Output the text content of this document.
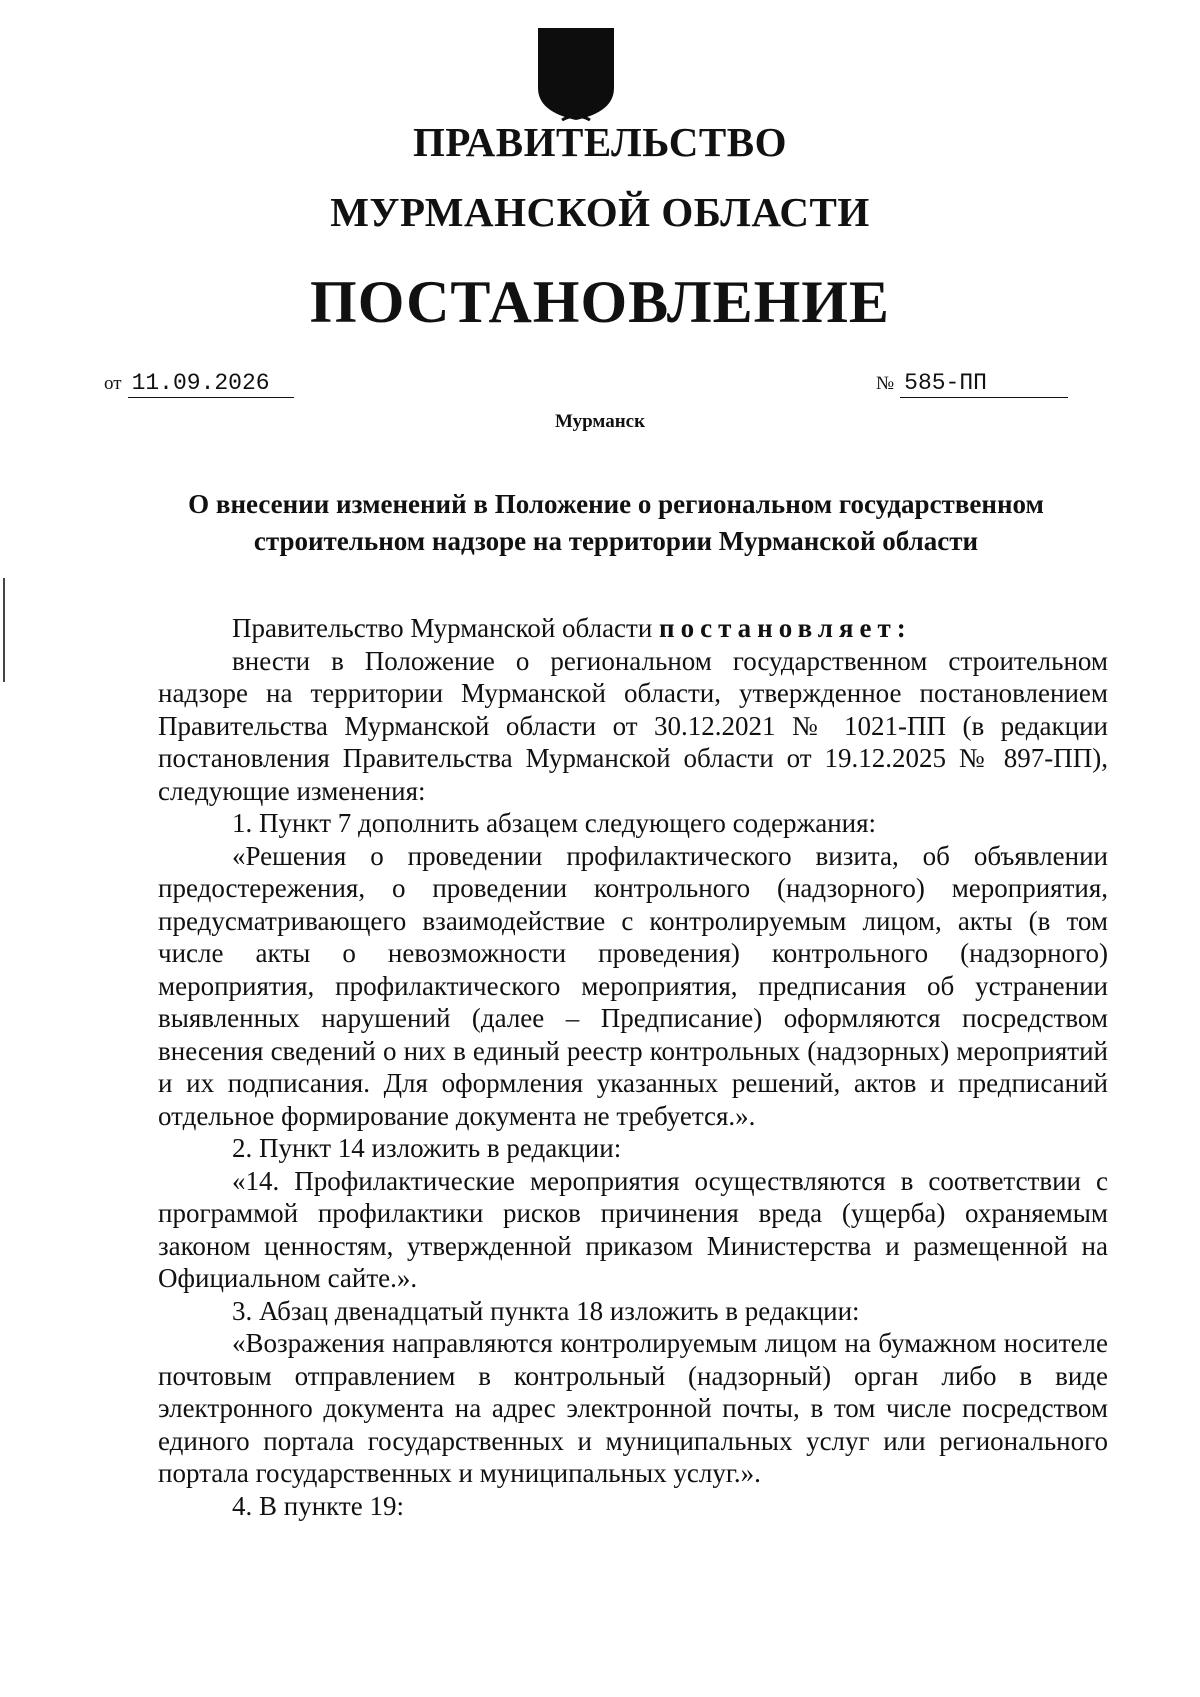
ПРАВИТЕЛЬСТВО
МУРМАНСКОЙ ОБЛАСТИ
ПОСТАНОВЛЕНИЕ
от 11.09.2026	№ 585-ПП
Мурманск
О внесении изменений в Положение о региональном государственном строительном надзоре на территории Мурманской области

Правительство Мурманской области постановляет:

внести в Положение о региональном государственном строительном надзоре на территории Мурманской области, утвержденное постановлением Правительства Мурманской области от 30.12.2021 № 1021-ПП (в редакции постановления Правительства Мурманской области от 19.12.2025 № 897-ПП), следующие изменения:

1. Пункт 7 дополнить абзацем следующего содержания:

«Решения о проведении профилактического визита, об объявлении предостережения, о проведении контрольного (надзорного) мероприятия, предусматривающего взаимодействие с контролируемым лицом, акты (в том числе акты о невозможности проведения) контрольного (надзорного) мероприятия, профилактического мероприятия, предписания об устранении выявленных нарушений (далее – Предписание) оформляются посредством внесения сведений о них в единый реестр контрольных (надзорных) мероприятий и их подписания. Для оформления указанных решений, актов и предписаний отдельное формирование документа не требуется.».

2. Пункт 14 изложить в редакции:

«14. Профилактические мероприятия осуществляются в соответствии с программой профилактики рисков причинения вреда (ущерба) охраняемым законом ценностям, утвержденной приказом Министерства и размещенной на Официальном сайте.».

3. Абзац двенадцатый пункта 18 изложить в редакции:

«Возражения направляются контролируемым лицом на бумажном носителе почтовым отправлением в контрольный (надзорный) орган либо в виде электронного документа на адрес электронной почты, в том числе посредством единого портала государственных и муниципальных услуг или регионального портала государственных и муниципальных услуг.».

4. В пункте 19:
